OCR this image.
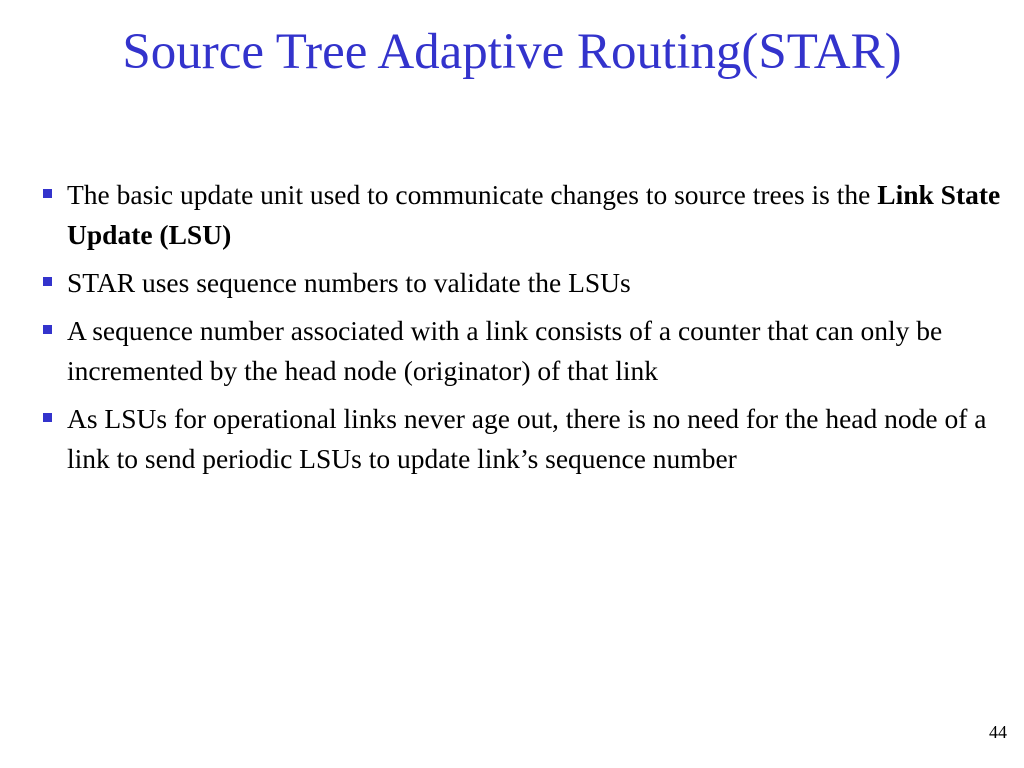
Source Tree Adaptive Routing(STAR)
The basic update unit used to communicate changes to source trees is the Link State Update (LSU)
STAR uses sequence numbers to validate the LSUs
A sequence number associated with a link consists of a counter that can only be incremented by the head node (originator) of that link
As LSUs for operational links never age out, there is no need for the head node of a link to send periodic LSUs to update link’s sequence number
44
